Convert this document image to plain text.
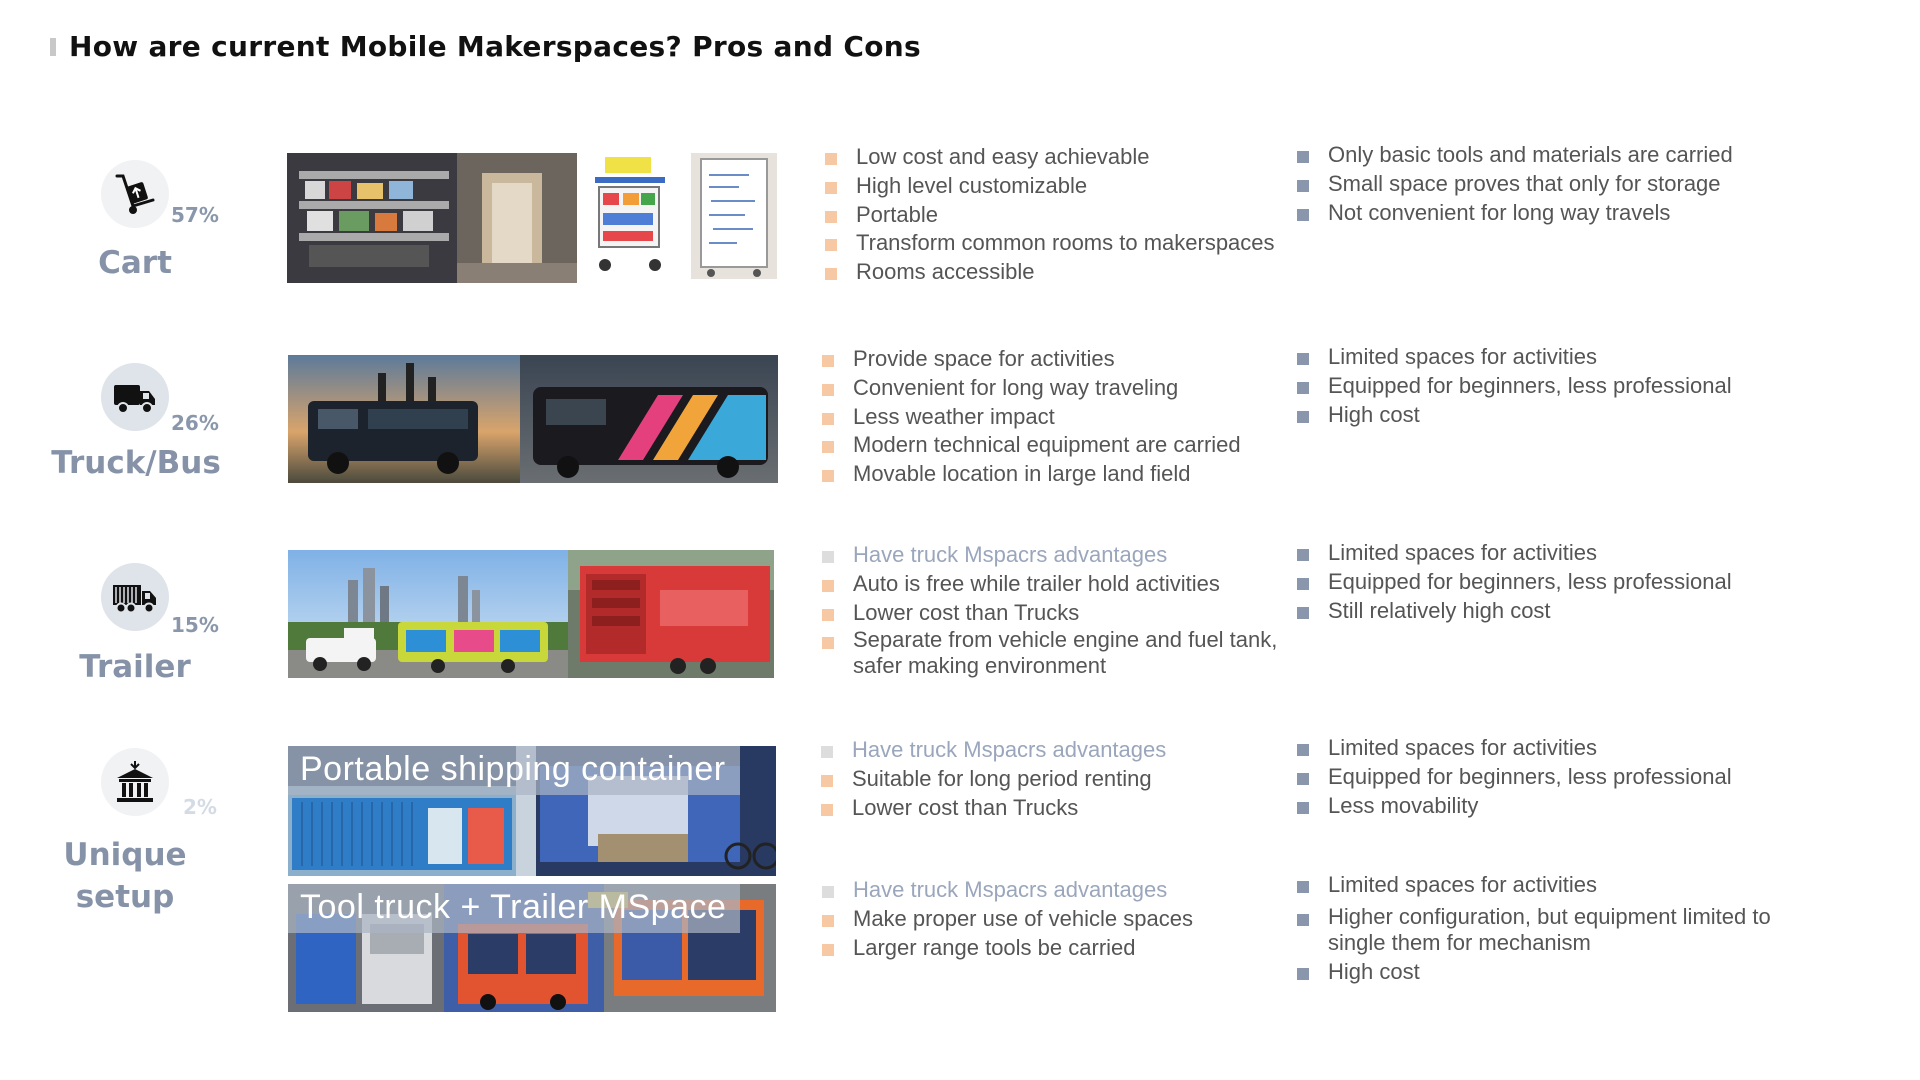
How are current Mobile Makerspaces? Pros and Cons
57%
Cart
Low cost and easy achievable
High level customizable
Portable
Transform common rooms to makerspaces
Rooms accessible
Only basic tools and materials are carried
Small space proves that only for storage
Not convenient for long way travels
26%
Truck/Bus
Provide space for activities
Convenient for long way traveling
Less weather impact
Modern technical equipment are carried
Movable location in large land field
Limited spaces for activities
Equipped for beginners, less professional
High cost
15%
Trailer
Have truck Mspacrs advantages
Auto is free while trailer hold activities
Lower cost than Trucks
Separate from vehicle engine and fuel tank, safer making environment
Limited spaces for activities
Equipped for beginners, less professional
Still relatively high cost
2%
Unique setup
Portable shipping container
Tool truck + Trailer MSpace
Have truck Mspacrs advantages
Suitable for long period renting
Lower cost than Trucks
Limited spaces for activities
Equipped for beginners, less professional
Less movability
Have truck Mspacrs advantages
Make proper use of vehicle spaces
Larger range tools be carried
Limited spaces for activities
Higher configuration, but equipment limited to single them for mechanism
High cost
